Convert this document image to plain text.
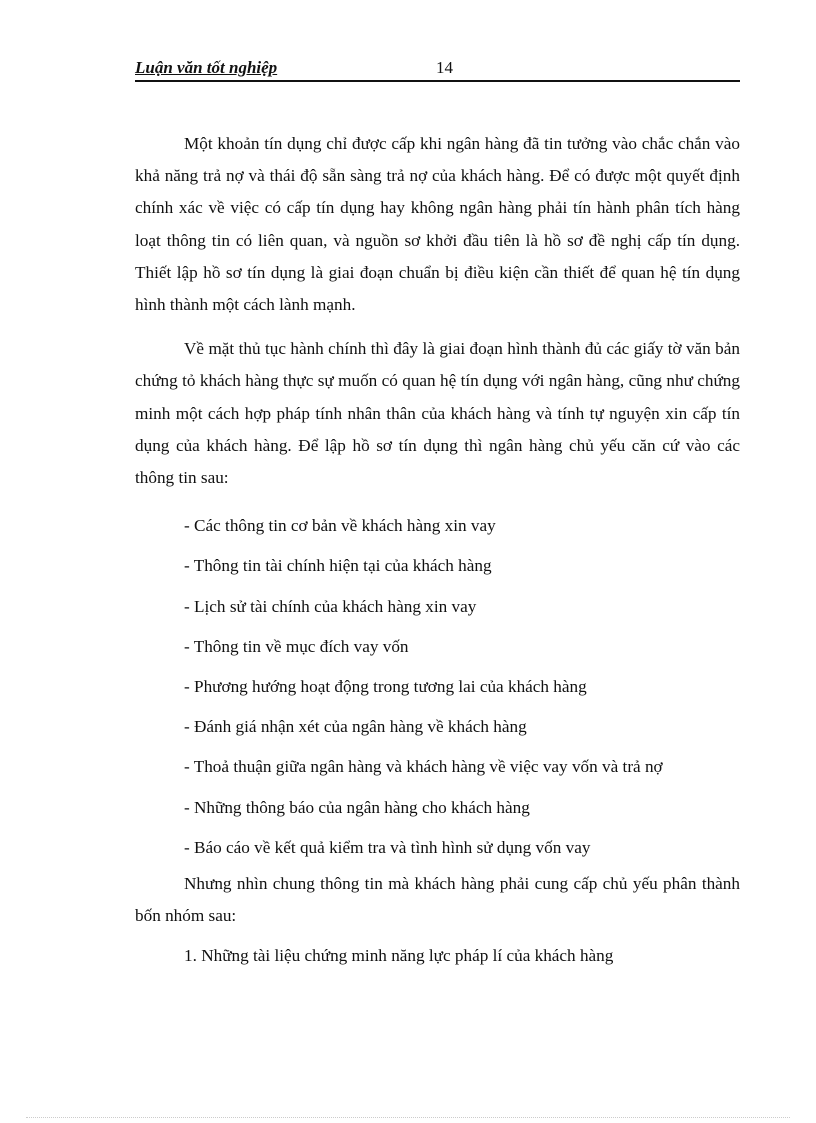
Luận văn tốt nghiệp	14

Một khoản tín dụng chỉ được cấp khi ngân hàng đã tin tưởng vào chắc chắn vào khả năng trả nợ và thái độ sẵn sàng trả nợ của khách hàng. Để có được một quyết định chính xác về việc có cấp tín dụng hay không ngân hàng phải tín hành phân tích hàng loạt thông tin có liên quan, và nguồn sơ khởi đầu tiên là hồ sơ đề nghị cấp tín dụng. Thiết lập hồ sơ tín dụng là giai đoạn chuẩn bị điều kiện cần thiết để quan hệ tín dụng hình thành một cách lành mạnh.

Về mặt thủ tục hành chính thì đây là giai đoạn hình thành đủ các giấy tờ văn bản chứng tỏ khách hàng thực sự muốn có quan hệ tín dụng với ngân hàng, cũng như chứng minh một cách hợp pháp tính nhân thân của khách hàng và tính tự nguyện xin cấp tín dụng của khách hàng. Để lập hồ sơ tín dụng thì ngân hàng chủ yếu căn cứ vào các thông tin sau:

- Các thông tin cơ bản về khách hàng xin vay

- Thông tin tài chính hiện tại của khách hàng

- Lịch sử tài chính của khách hàng xin vay

- Thông tin về mục đích vay vốn

- Phương hướng hoạt động trong tương lai của khách hàng

- Đánh giá nhận xét của ngân hàng về khách hàng

- Thoả thuận giữa ngân hàng và khách hàng về việc vay vốn và trả nợ

- Những thông báo của ngân hàng cho khách hàng

- Báo cáo về kết quả kiểm tra và tình hình sử dụng vốn vay

Nhưng nhìn chung thông tin mà khách hàng phải cung cấp chủ yếu phân thành bốn nhóm sau:

1. Những tài liệu chứng minh năng lực pháp lí của khách hàng
